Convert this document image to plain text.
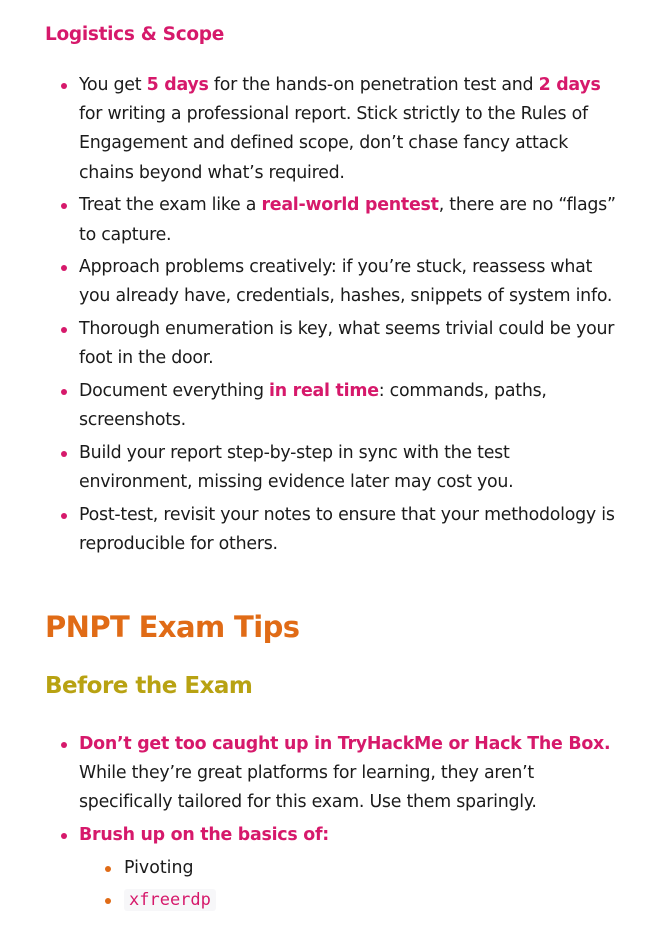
Logistics & Scope
You get 5 days for the hands-on penetration test and 2 days for writing a professional report. Stick strictly to the Rules of Engagement and defined scope, don’t chase fancy attack chains beyond what’s required.
Treat the exam like a real-world pentest, there are no “flags” to capture.
Approach problems creatively: if you’re stuck, reassess what you already have, credentials, hashes, snippets of system info.
Thorough enumeration is key, what seems trivial could be your foot in the door.
Document everything in real time: commands, paths, screenshots.
Build your report step-by-step in sync with the test environment, missing evidence later may cost you.
Post-test, revisit your notes to ensure that your methodology is reproducible for others.
PNPT Exam Tips
Before the Exam
Don’t get too caught up in TryHackMe or Hack The Box. While they’re great platforms for learning, they aren’t specifically tailored for this exam. Use them sparingly.
Brush up on the basics of:
Pivoting
xfreerdp
